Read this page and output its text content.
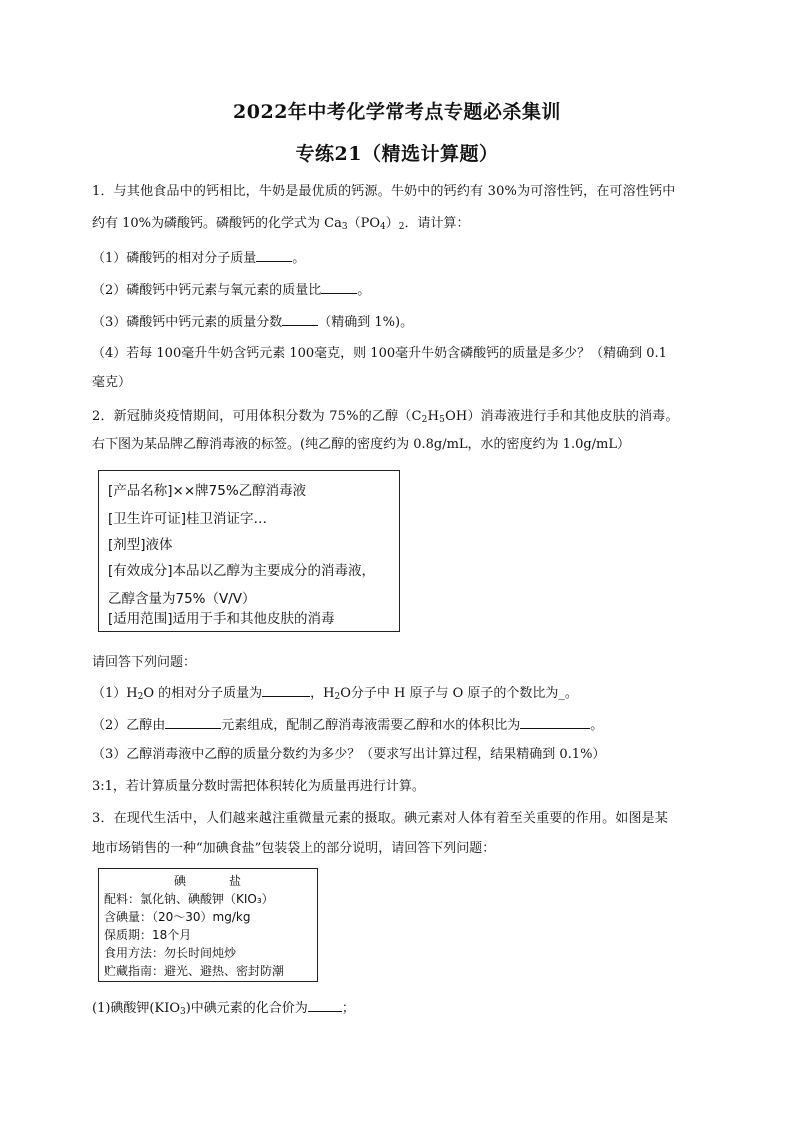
2022年中考化学常考点专题必杀集训
专练21（精选计算题）
1．与其他食品中的钙相比，牛奶是最优质的钙源。牛奶中的钙约有 30%为可溶性钙，在可溶性钙中
约有 10%为磷酸钙。磷酸钙的化学式为 $Ca_3(PO_4)_2$．请计算：
（1）磷酸钙的相对分子质量	。
（2）磷酸钙中钙元素与氧元素的质量比	。
（3）磷酸钙中钙元素的质量分数	（精确到 1%)。
（4）若每 100毫升牛奶含钙元素 100毫克，则 100毫升牛奶含磷酸钙的质量是多少？（精确到 0.1
毫克）
2．新冠肺炎疫情期间，可用体积分数为 75%的乙醇$(C_2H_5OH)$消毒液进行手和其他皮肤的消毒。
右下图为某品牌乙醇消毒液的标签。(纯乙醇的密度约为 0.8g/mL，水的密度约为 1.0g/mL）
[产品名称]××牌75%乙醇消毒液
[卫生许可证]桂卫消证字…
[剂型]液体
[有效成分]本品以乙醇为主要成分的消毒液，
乙醇含量为75%（V/V）
[适用范围]适用于手和其他皮肤的消毒
请回答下列问题：
$(1)H_2O$ 的相对分子质量为	，$H_2O$分子中 H 原子与 O 原子的个数比为_。
（2）乙醇由	元素组成，配制乙醇消毒液需要乙醇和水的体积比为	。
（3）乙醇消毒液中乙醇的质量分数约为多少？（要求写出计算过程，结果精确到 0.1%）
3:1，若计算质量分数时需把体积转化为质量再进行计算。
3．在现代生活中，人们越来越注重微量元素的摄取。碘元素对人体有着至关重要的作用。如图是某
地市场销售的一种“加碘食盐”包装袋上的部分说明，请回答下列问题：
碘	盐
配料：氯化钠、碘酸钾（KIO₃）
含碘量：（20～30）mg/kg
保质期：18个月
食用方法：勿长时间炖炒
贮藏指南：避光、避热、密封防潮
(1)碘酸钾$(KIO_3)$中碘元素的化合价为	；
